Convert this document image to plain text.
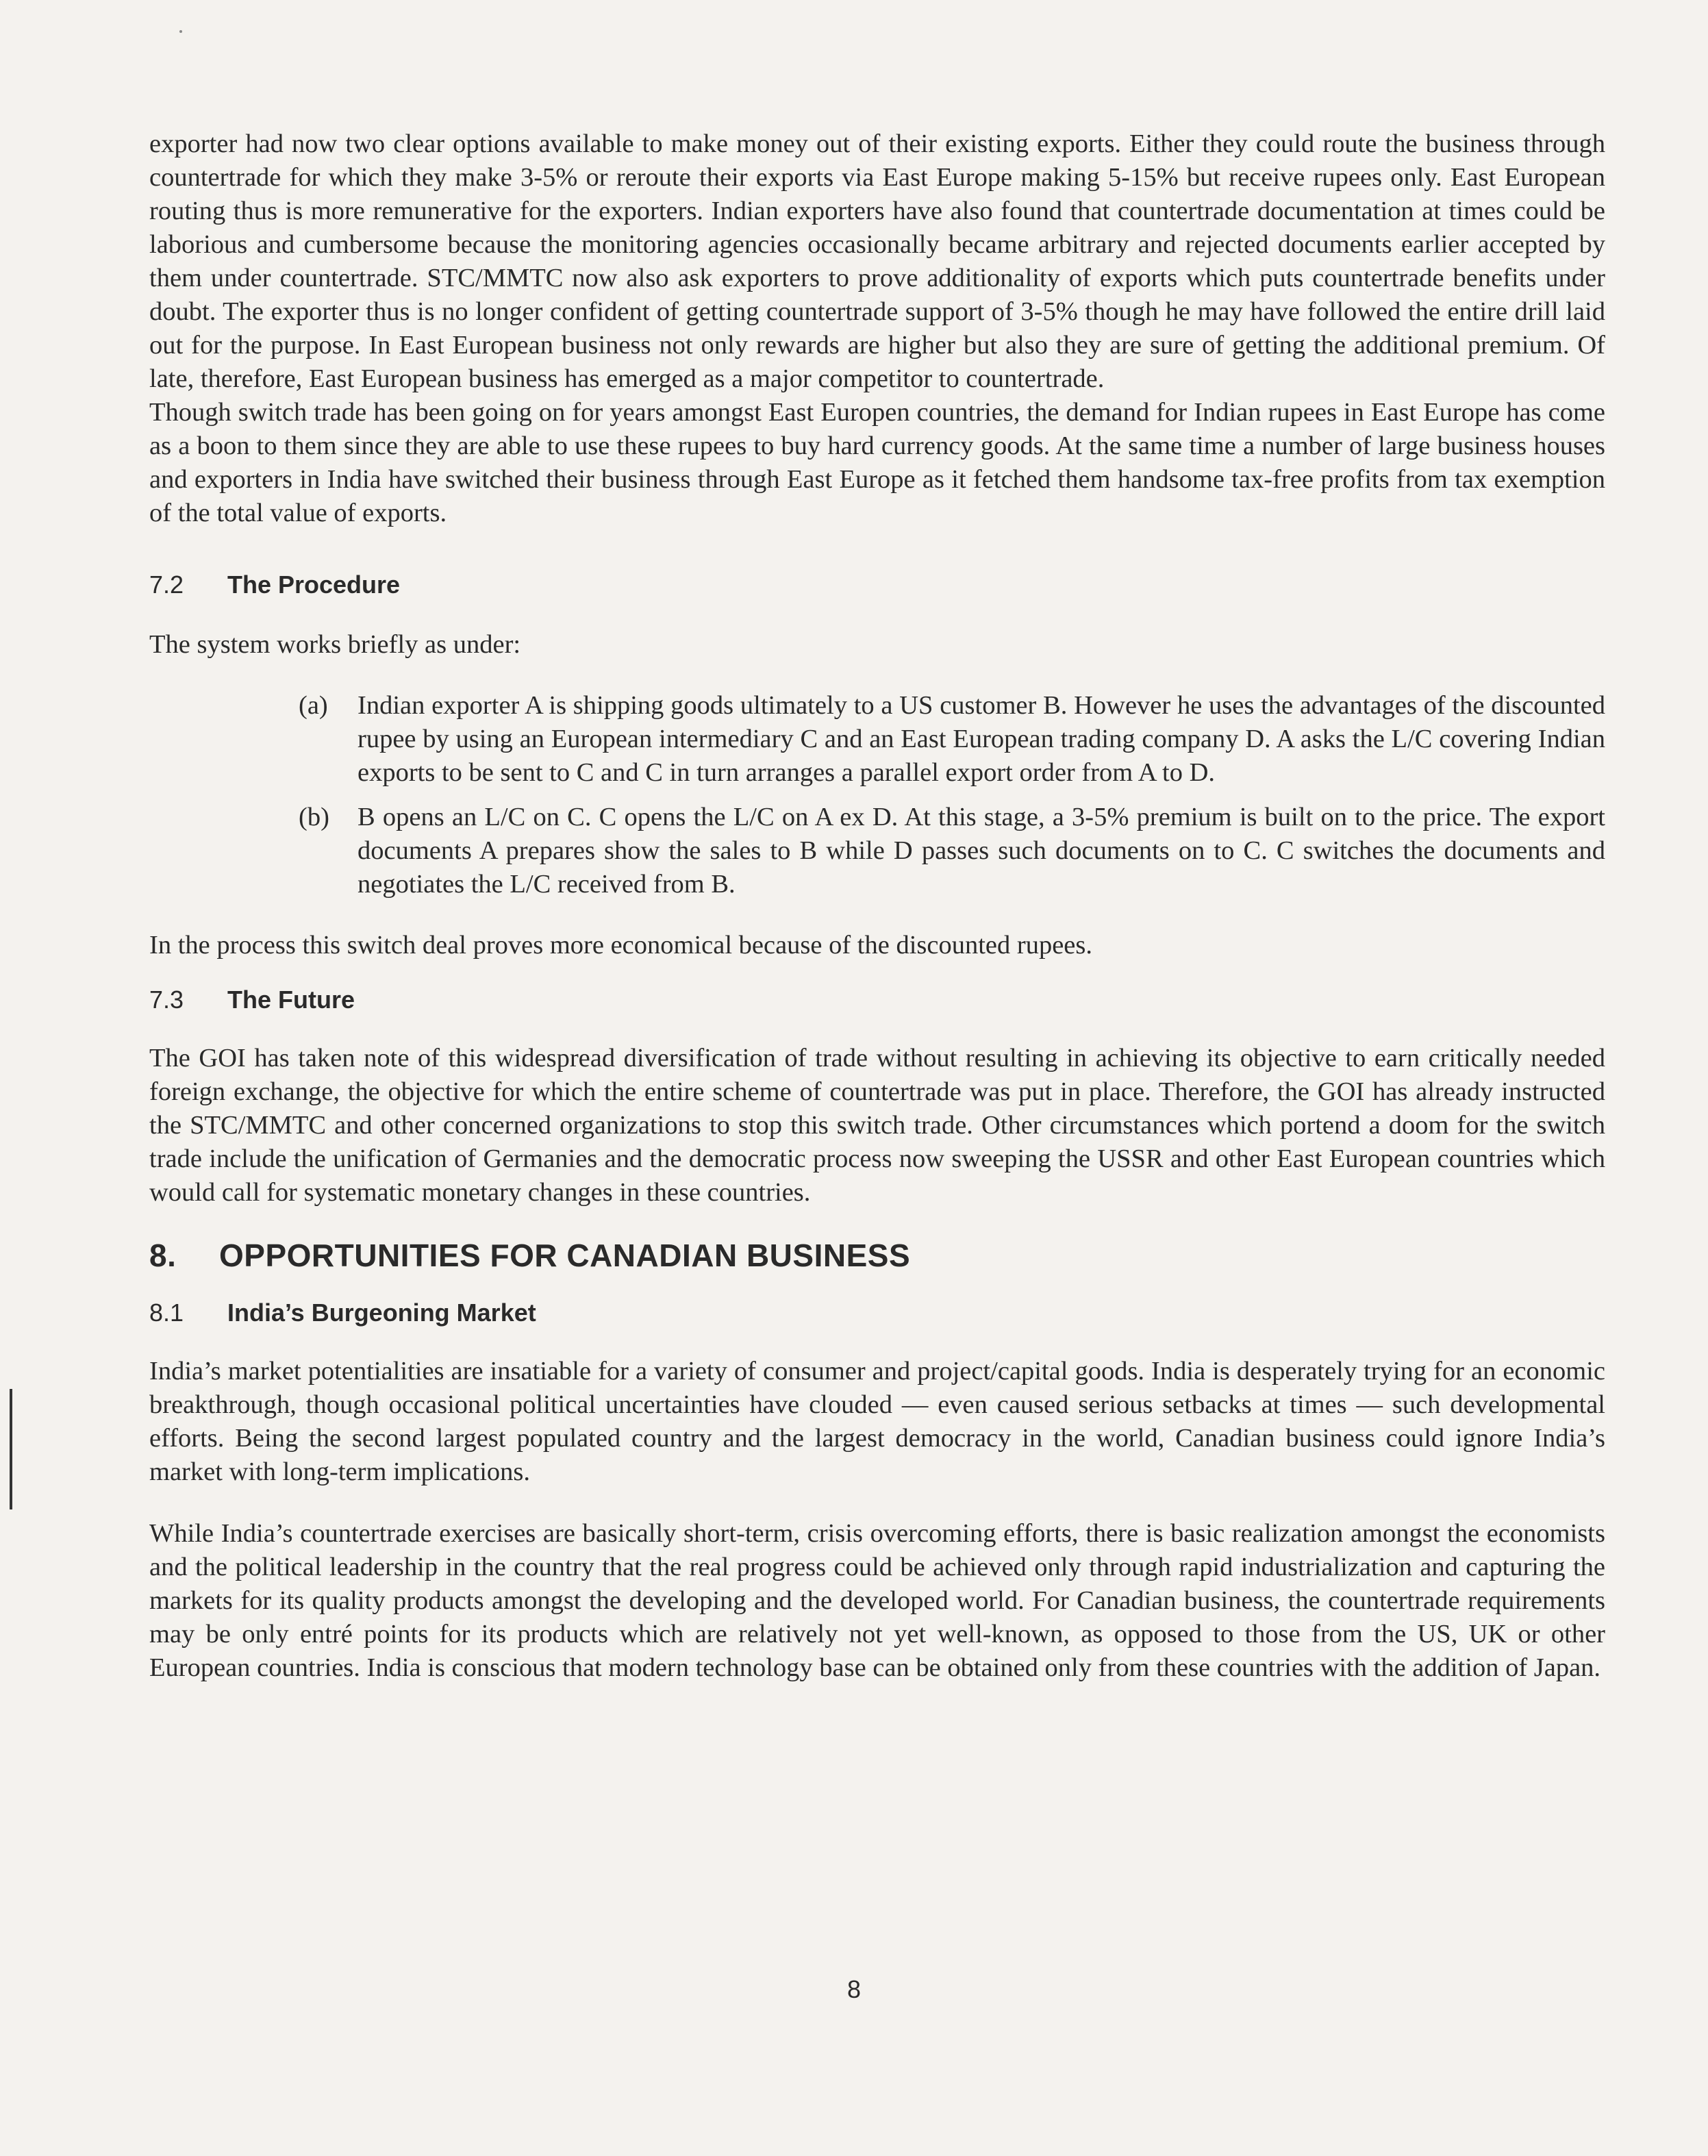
exporter had now two clear options available to make money out of their existing exports. Either they could route the business through countertrade for which they make 3-5% or reroute their exports via East Europe making 5-15% but receive rupees only. East European routing thus is more remunerative for the exporters. Indian exporters have also found that countertrade documentation at times could be laborious and cumbersome because the monitoring agencies occasionally became arbitrary and rejected documents earlier accepted by them under countertrade. STC/MMTC now also ask exporters to prove additionality of exports which puts countertrade benefits under doubt. The exporter thus is no longer confident of getting countertrade support of 3-5% though he may have followed the entire drill laid out for the purpose. In East European business not only rewards are higher but also they are sure of getting the additional premium. Of late, therefore, East European business has emerged as a major competitor to countertrade.

Though switch trade has been going on for years amongst East Europen countries, the demand for Indian rupees in East Europe has come as a boon to them since they are able to use these rupees to buy hard currency goods. At the same time a number of large business houses and exporters in India have switched their business through East Europe as it fetched them handsome tax-free profits from tax exemption of the total value of exports.

7.2 The Procedure

The system works briefly as under:

(a)	Indian exporter A is shipping goods ultimately to a US customer B. However he uses the advantages of the discounted rupee by using an European intermediary C and an East European trading company D. A asks the L/C covering Indian exports to be sent to C and C in turn arranges a parallel export order from A to D.
(b)	B opens an L/C on C. C opens the L/C on A ex D. At this stage, a 3-5% premium is built on to the price. The export documents A prepares show the sales to B while D passes such documents on to C. C switches the documents and negotiates the L/C received from B.

In the process this switch deal proves more economical because of the discounted rupees.

7.3 The Future

The GOI has taken note of this widespread diversification of trade without resulting in achieving its objective to earn critically needed foreign exchange, the objective for which the entire scheme of countertrade was put in place. Therefore, the GOI has already instructed the STC/MMTC and other concerned organizations to stop this switch trade. Other circumstances which portend a doom for the switch trade include the unification of Germanies and the democratic process now sweeping the USSR and other East European countries which would call for systematic monetary changes in these countries.

8. OPPORTUNITIES FOR CANADIAN BUSINESS
8.1 India’s Burgeoning Market

India’s market potentialities are insatiable for a variety of consumer and project/capital goods. India is desperately trying for an economic breakthrough, though occasional political uncertainties have clouded — even caused serious setbacks at times — such developmental efforts. Being the second largest populated country and the largest democracy in the world, Canadian business could ignore India’s market with long-term implications.

While India’s countertrade exercises are basically short-term, crisis overcoming efforts, there is basic realization amongst the economists and the political leadership in the country that the real progress could be achieved only through rapid industrialization and capturing the markets for its quality products amongst the developing and the developed world. For Canadian business, the countertrade requirements may be only entré points for its products which are relatively not yet well-known, as opposed to those from the US, UK or other European countries. India is conscious that modern technology base can be obtained only from these countries with the addition of Japan.

8
